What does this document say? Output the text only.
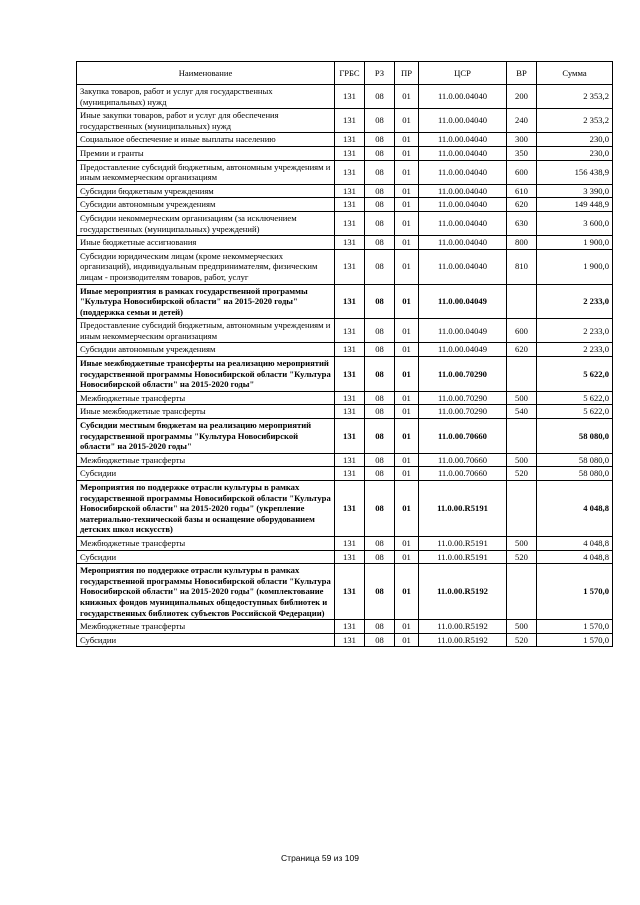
Наименование	ГРБС	РЗ	ПР	ЦСР	ВР	Сумма
Закупка товаров, работ и услуг для государственных (муниципальных) нужд	131	08	01	11.0.00.04040	200	2 353,2
Иные закупки товаров, работ и услуг для обеспечения государственных (муниципальных) нужд	131	08	01	11.0.00.04040	240	2 353,2
Социальное обеспечение и иные выплаты населению	131	08	01	11.0.00.04040	300	230,0
Премии и гранты	131	08	01	11.0.00.04040	350	230,0
Предоставление субсидий бюджетным, автономным учреждениям и иным некоммерческим организациям	131	08	01	11.0.00.04040	600	156 438,9
Субсидии бюджетным учреждениям	131	08	01	11.0.00.04040	610	3 390,0
Субсидии автономным учреждениям	131	08	01	11.0.00.04040	620	149 448,9
Субсидии некоммерческим организациям (за исключением государственных (муниципальных) учреждений)	131	08	01	11.0.00.04040	630	3 600,0
Иные бюджетные ассигнования	131	08	01	11.0.00.04040	800	1 900,0
Субсидии юридическим лицам (кроме некоммерческих организаций), индивидуальным предпринимателям, физическим лицам - производителям товаров, работ, услуг	131	08	01	11.0.00.04040	810	1 900,0
Иные мероприятия в рамках государственной программы "Культура Новосибирской области" на 2015-2020 годы"(поддержка семьи и детей)	131	08	01	11.0.00.04049		2 233,0
Предоставление субсидий бюджетным, автономным учреждениям и иным некоммерческим организациям	131	08	01	11.0.00.04049	600	2 233,0
Субсидии автономным учреждениям	131	08	01	11.0.00.04049	620	2 233,0
Иные межбюджетные трансферты на реализацию мероприятий государственной программы Новосибирской области "Культура Новосибирской области" на 2015-2020 годы"	131	08	01	11.0.00.70290		5 622,0
Межбюджетные трансферты	131	08	01	11.0.00.70290	500	5 622,0
Иные межбюджетные трансферты	131	08	01	11.0.00.70290	540	5 622,0
Субсидии местным бюджетам на реализацию мероприятий государственной программы "Культура Новосибирской области" на 2015-2020 годы"	131	08	01	11.0.00.70660		58 080,0
Межбюджетные трансферты	131	08	01	11.0.00.70660	500	58 080,0
Субсидии	131	08	01	11.0.00.70660	520	58 080,0
Мероприятия по поддержке отрасли культуры в рамках государственной программы Новосибирской области "Культура Новосибирской области" на 2015-2020 годы" (укрепление материально-технической базы и оснащение оборудованием детских школ искусств)	131	08	01	11.0.00.R5191		4 048,8
Межбюджетные трансферты	131	08	01	11.0.00.R5191	500	4 048,8
Субсидии	131	08	01	11.0.00.R5191	520	4 048,8
Мероприятия по поддержке отрасли культуры в рамках государственной программы Новосибирской области "Культура Новосибирской области" на 2015-2020 годы" (комплектование книжных фондов муниципальных общедоступных библиотек и государственных библиотек субъектов Российской Федерации)	131	08	01	11.0.00.R5192		1 570,0
Межбюджетные трансферты	131	08	01	11.0.00.R5192	500	1 570,0
Субсидии	131	08	01	11.0.00.R5192	520	1 570,0
Страница 59 из 109
